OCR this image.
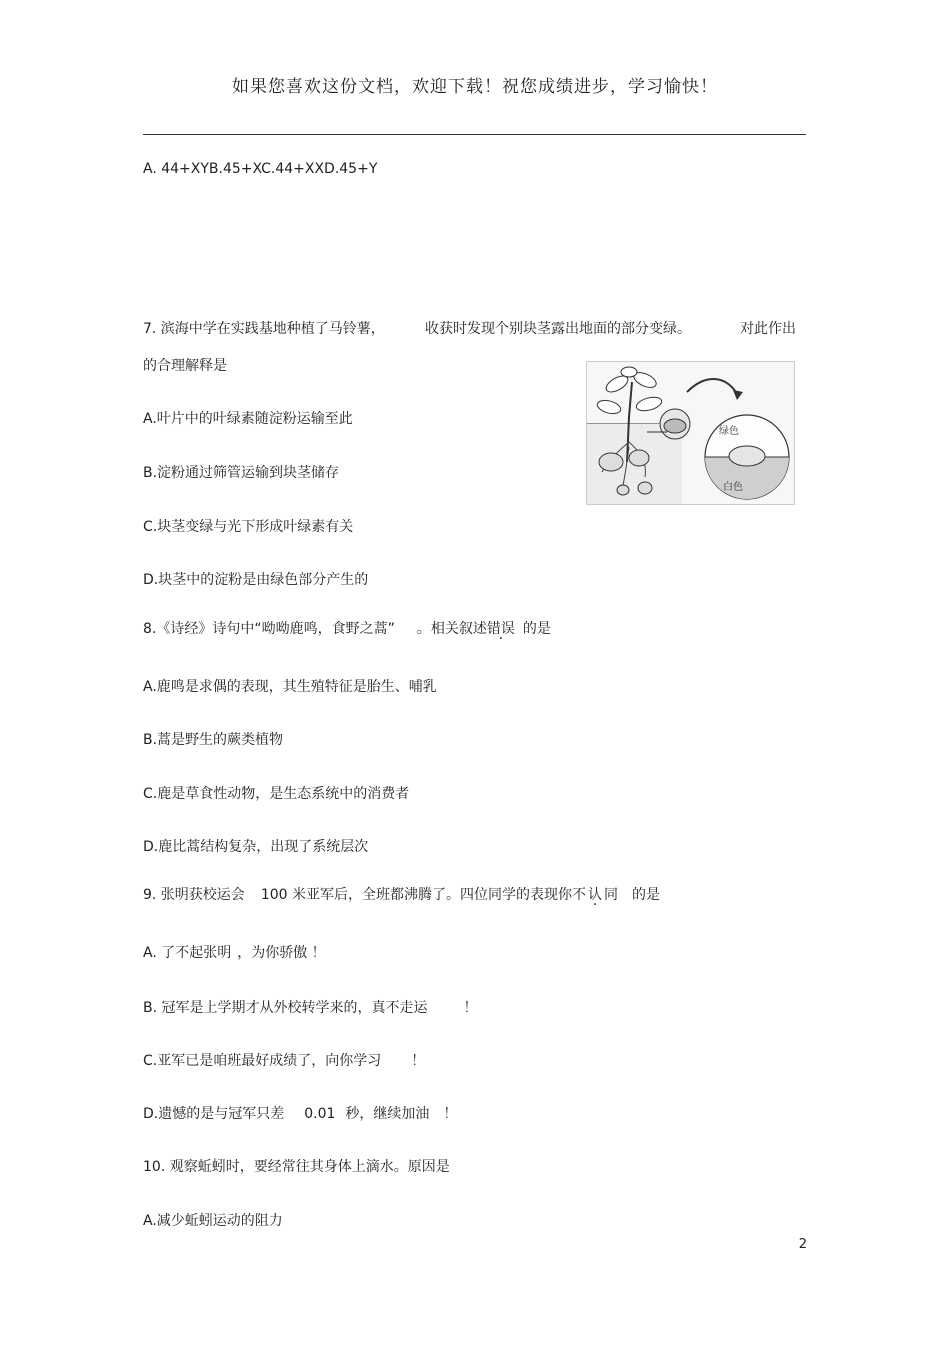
如果您喜欢这份文档，欢迎下载！祝您成绩进步，学习愉快！
A. 44+XYB.45+XC.44+XXD.45+Y
7. 滨海中学在实践基地种植了马铃薯，	收获时发现个别块茎露出地面的部分变绿。	对此作出
的合理解释是
A.叶片中的叶绿素随淀粉运输至此
B.淀粉通过筛管运输到块茎储存
C.块茎变绿与光下形成叶绿素有关
D.块茎中的淀粉是由绿色部分产生的
绿色
白色
8.《诗经》诗句中“呦呦鹿鸣，食野之蒿” 。相关叙述错误 的是
A.鹿鸣是求偶的表现，其生殖特征是胎生、哺乳
B.蒿是野生的蕨类植物
C.鹿是草食性动物，是生态系统中的消费者
D.鹿比蒿结构复杂，出现了系统层次
9. 张明获校运会 100 米亚军后，全班都沸腾了。四位同学的表现你不认同 的是
A. 了不起张明 ，为你骄傲 ！
B. 冠军是上学期才从外校转学来的，真不走运	！
C.亚军已是咱班最好成绩了，向你学习 ！
D.遗憾的是与冠军只差 0.01 秒，继续加油 ！
10. 观察蚯蚓时，要经常往其身体上滴水。原因是
A.减少蚯蚓运动的阻力
2
